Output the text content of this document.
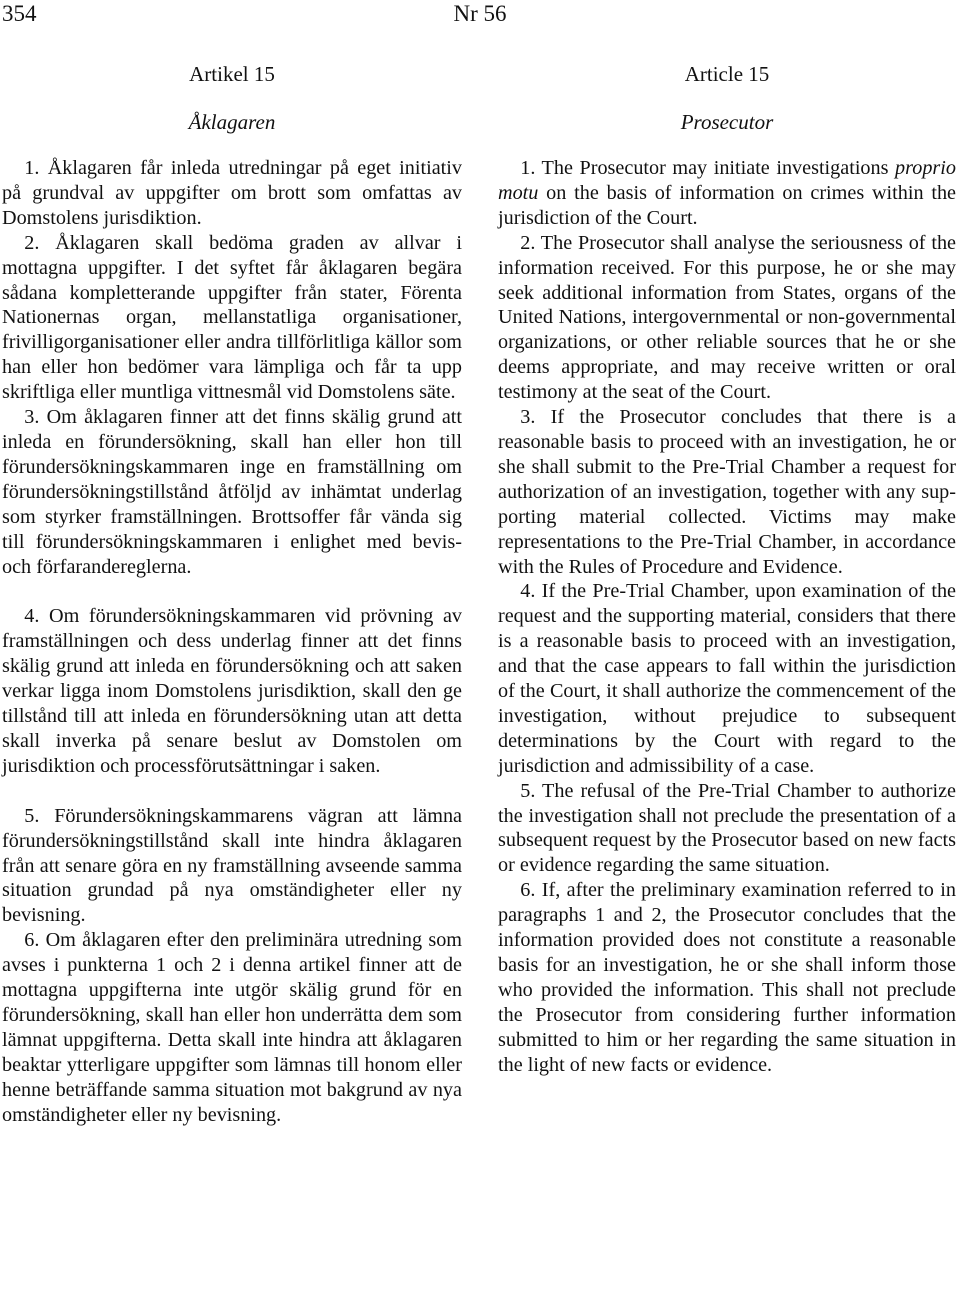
354	Nr 56
Artikel 15
Åklagaren

1. Åklagaren får inleda utredningar på eget initiativ på grundval av uppgifter om brott som omfattas av Domstolens jurisdiktion.

2. Åklagaren skall bedöma graden av allvar i mottagna uppgifter. I det syftet får åklagaren begära sådana kompletterande uppgifter från stater, Förenta Nationernas organ, mellanstatliga organisationer, frivilligorganisationer eller andra tillförlitliga källor som han eller hon bedömer vara lämpliga och får ta upp skriftliga eller muntliga vittnesmål vid Domstolens säte.

3. Om åklagaren finner att det finns skälig grund att inleda en förundersökning, skall han eller hon till förundersökningskammaren inge en framställning om förundersökningstillstånd åtföljd av inhämtat underlag som styrker framställningen. Brottsoffer får vända sig till förundersökningskammaren i enlighet med bevis- och förfarandereglerna.

4. Om förundersökningskammaren vid prövning av framställningen och dess underlag finner att det finns skälig grund att inleda en förundersökning och att saken verkar ligga inom Domstolens jurisdiktion, skall den ge tillstånd till att inleda en förundersökning utan att detta skall inverka på senare beslut av Domstolen om jurisdiktion och processförutsättningar i saken.

5. Förundersökningskammarens vägran att lämna förundersökningstillstånd skall inte hindra åklagaren från att senare göra en ny framställning avseende samma situation grundad på nya omständigheter eller ny bevisning.

6. Om åklagaren efter den preliminära utredning som avses i punkterna 1 och 2 i denna artikel finner att de mottagna uppgifterna inte utgör skälig grund för en förundersökning, skall han eller hon underrätta dem som lämnat uppgifterna. Detta skall inte hindra att åklagaren beaktar ytterligare uppgifter som lämnas till honom eller henne beträffande samma situation mot bakgrund av nya omständigheter eller ny bevisning.

Article 15
Prosecutor

1. The Prosecutor may initiate investigations proprio motu on the basis of information on crimes within the jurisdiction of the Court.

2. The Prosecutor shall analyse the seriousness of the information received. For this purpose, he or she may seek additional information from States, organs of the United Nations, intergovernmental or non-governmental organizations, or other reliable sources that he or she deems appropriate, and may receive written or oral testimony at the seat of the Court.

3. If the Prosecutor concludes that there is a reasonable basis to proceed with an investigation, he or she shall submit to the Pre-Trial Chamber a request for authorization of an investigation, together with any supporting material collected. Victims may make representations to the Pre-Trial Chamber, in accordance with the Rules of Procedure and Evidence.

4. If the Pre-Trial Chamber, upon examination of the request and the supporting material, considers that there is a reasonable basis to proceed with an investigation, and that the case appears to fall within the jurisdiction of the Court, it shall authorize the commencement of the investigation, without prejudice to subsequent determinations by the Court with regard to the jurisdiction and admissibility of a case.

5. The refusal of the Pre-Trial Chamber to authorize the investigation shall not preclude the presentation of a subsequent request by the Prosecutor based on new facts or evidence regarding the same situation.

6. If, after the preliminary examination referred to in paragraphs 1 and 2, the Prosecutor concludes that the information provided does not constitute a reasonable basis for an investigation, he or she shall inform those who provided the information. This shall not preclude the Prosecutor from considering further information submitted to him or her regarding the same situation in the light of new facts or evidence.
